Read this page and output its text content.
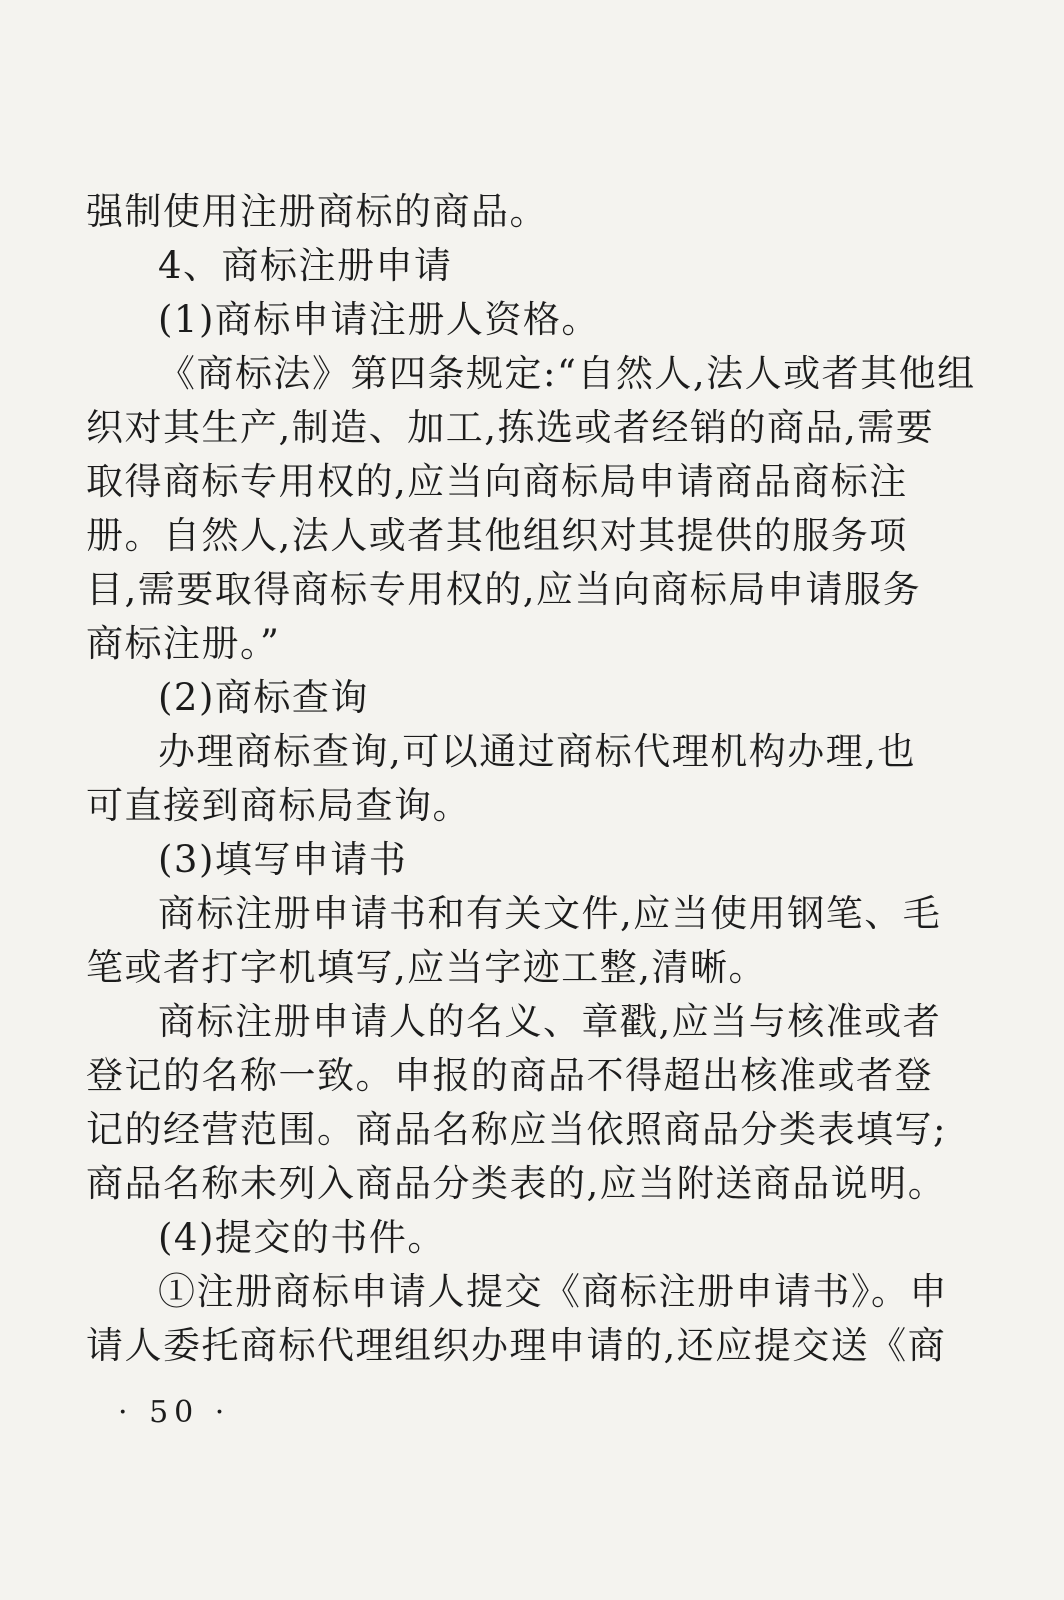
强制使用注册商标的商品。
4、商标注册申请
(1)商标申请注册人资格。
《商标法》第四条规定:“自然人,法人或者其他组
织对其生产,制造、加工,拣选或者经销的商品,需要
取得商标专用权的,应当向商标局申请商品商标注
册。自然人,法人或者其他组织对其提供的服务项
目,需要取得商标专用权的,应当向商标局申请服务
商标注册。”
(2)商标查询
办理商标查询,可以通过商标代理机构办理,也
可直接到商标局查询。
(3)填写申请书
商标注册申请书和有关文件,应当使用钢笔、毛
笔或者打字机填写,应当字迹工整,清晰。
商标注册申请人的名义、章戳,应当与核准或者
登记的名称一致。申报的商品不得超出核准或者登
记的经营范围。商品名称应当依照商品分类表填写;
商品名称未列入商品分类表的,应当附送商品说明。
(4)提交的书件。
①注册商标申请人提交《商标注册申请书》。申
请人委托商标代理组织办理申请的,还应提交送《商
· 50 ·
